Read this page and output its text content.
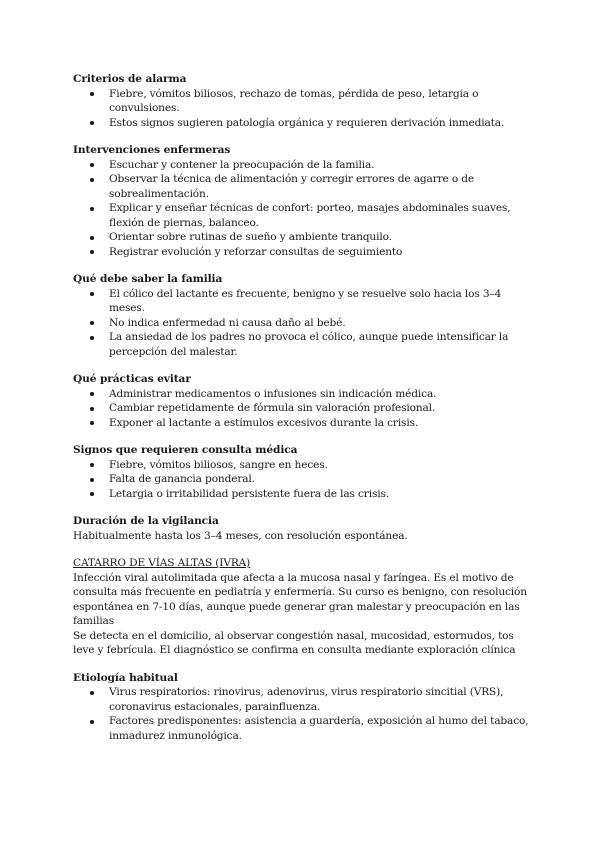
Criterios de alarma
Fiebre, vómitos biliosos, rechazo de tomas, pérdida de peso, letargia o convulsiones.
Estos signos sugieren patología orgánica y requieren derivación inmediata.
Intervenciones enfermeras
Escuchar y contener la preocupación de la familia.
Observar la técnica de alimentación y corregir errores de agarre o de sobrealimentación.
Explicar y enseñar técnicas de confort: porteo, masajes abdominales suaves, flexión de piernas, balanceo.
Orientar sobre rutinas de sueño y ambiente tranquilo.
Registrar evolución y reforzar consultas de seguimiento
Qué debe saber la familia
El cólico del lactante es frecuente, benigno y se resuelve solo hacia los 3–4 meses.
No indica enfermedad ni causa daño al bebé.
La ansiedad de los padres no provoca el cólico, aunque puede intensificar la percepción del malestar.
Qué prácticas evitar
Administrar medicamentos o infusiones sin indicación médica.
Cambiar repetidamente de fórmula sin valoración profesional.
Exponer al lactante a estímulos excesivos durante la crisis.
Signos que requieren consulta médica
Fiebre, vómitos biliosos, sangre en heces.
Falta de ganancia ponderal.
Letargia o irritabilidad persistente fuera de las crisis.
Duración de la vigilancia

Habitualmente hasta los 3–4 meses, con resolución espontánea.

CATARRO DE VÍAS ALTAS (IVRA)

Infección viral autolimitada que afecta a la mucosa nasal y faríngea. Es el motivo de consulta más frecuente en pediatría y enfermería. Su curso es benigno, con resolución espontánea en 7-10 días, aunque puede generar gran malestar y preocupación en las familias

Se detecta en el domicilio, al observar congestión nasal, mucosidad, estornudos, tos leve y febrícula. El diagnóstico se confirma en consulta mediante exploración clínica

Etiología habitual
Virus respiratorios: rinovirus, adenovirus, virus respiratorio sincitial (VRS), coronavirus estacionales, parainfluenza.
Factores predisponentes: asistencia a guardería, exposición al humo del tabaco, inmadurez inmunológica.
